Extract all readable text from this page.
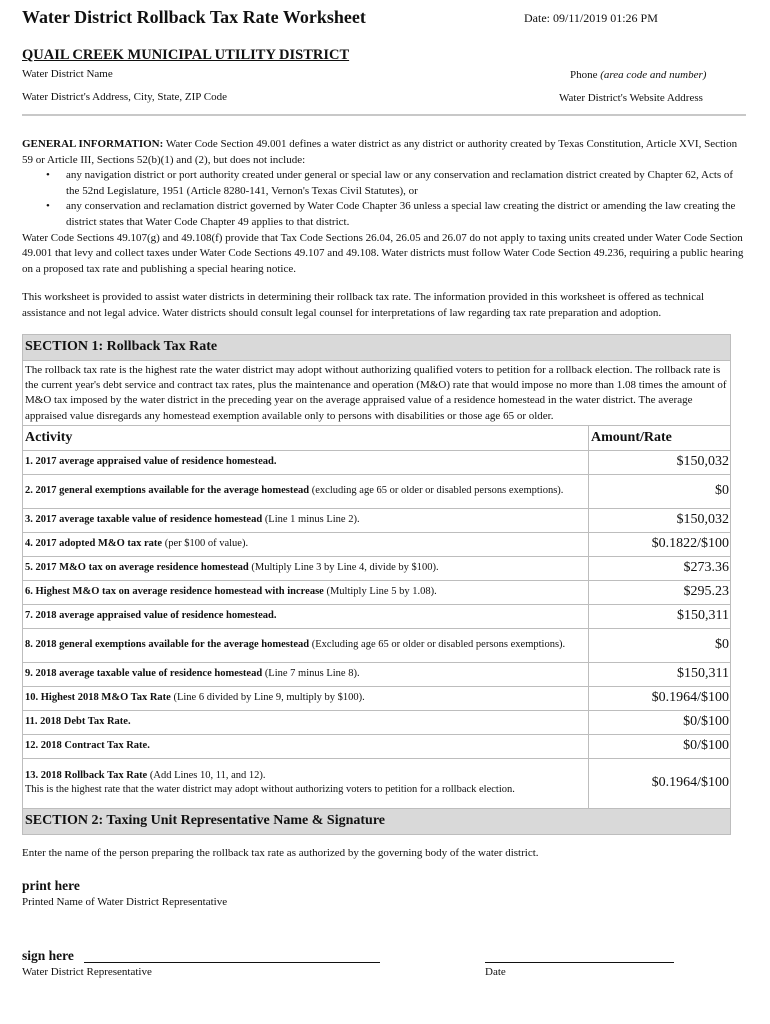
Water District Rollback Tax Rate Worksheet	Date: 09/11/2019 01:26 PM
QUAIL CREEK MUNICIPAL UTILITY DISTRICT
Water District Name	Phone (area code and number)
Water District's Address, City, State, ZIP Code	Water District's Website Address

GENERAL INFORMATION: Water Code Section 49.001 defines a water district as any district or authority created by Texas Constitution, Article XVI, Section 59 or Article III, Sections 52(b)(1) and (2), but does not include:

• any navigation district or port authority created under general or special law or any conservation and reclamation district created by Chapter 62, Acts of the 52nd Legislature, 1951 (Article 8280-141, Vernon's Texas Civil Statutes), or
• any conservation and reclamation district governed by Water Code Chapter 36 unless a special law creating the district or amending the law creating the district states that Water Code Chapter 49 applies to that district.

Water Code Sections 49.107(g) and 49.108(f) provide that Tax Code Sections 26.04, 26.05 and 26.07 do not apply to taxing units created under Water Code Section 49.001 that levy and collect taxes under Water Code Sections 49.107 and 49.108. Water districts must follow Water Code Section 49.236, requiring a public hearing on a proposed tax rate and publishing a special hearing notice.

This worksheet is provided to assist water districts in determining their rollback tax rate. The information provided in this worksheet is offered as technical assistance and not legal advice. Water districts should consult legal counsel for interpretations of law regarding tax rate preparation and adoption.
SECTION 1: Rollback Tax Rate	
The rollback tax rate is the highest rate the water district may adopt without authorizing qualified voters to petition for a rollback election. The rollback rate is the current year's debt service and contract tax rates, plus the maintenance and operation (M&O) rate that would impose no more than 1.08 times the amount of M&O tax imposed by the water district in the preceding year on the average appraised value of a residence homestead in the water district. The average appraised value disregards any homestead exemption available only to persons with disabilities or those age 65 or older.	
Activity	Amount/Rate
1. 2017 average appraised value of residence homestead.	$150,032
2. 2017 general exemptions available for the average homestead (excluding age 65 or older or disabled persons exemptions).	$0
3. 2017 average taxable value of residence homestead (Line 1 minus Line 2).	$150,032
4. 2017 adopted M&O tax rate (per $100 of value).	$0.1822/$100
5. 2017 M&O tax on average residence homestead (Multiply Line 3 by Line 4, divide by $100).	$273.36
6. Highest M&O tax on average residence homestead with increase (Multiply Line 5 by 1.08).	$295.23
7. 2018 average appraised value of residence homestead.	$150,311
8. 2018 general exemptions available for the average homestead (Excluding age 65 or older or disabled persons exemptions).	$0
9. 2018 average taxable value of residence homestead (Line 7 minus Line 8).	$150,311
10. Highest 2018 M&O Tax Rate (Line 6 divided by Line 9, multiply by $100).	$0.1964/$100
11. 2018 Debt Tax Rate.	$0/$100
12. 2018 Contract Tax Rate.	$0/$100
13. 2018 Rollback Tax Rate (Add Lines 10, 11, and 12).
This is the highest rate that the water district may adopt without authorizing voters to petition for a rollback election.	$0.1964/$100
SECTION 2: Taxing Unit Representative Name & Signature	
Enter the name of the person preparing the rollback tax rate as authorized by the governing body of the water district.
print here
Printed Name of Water District Representative
sign here
Water District Representative	Date
